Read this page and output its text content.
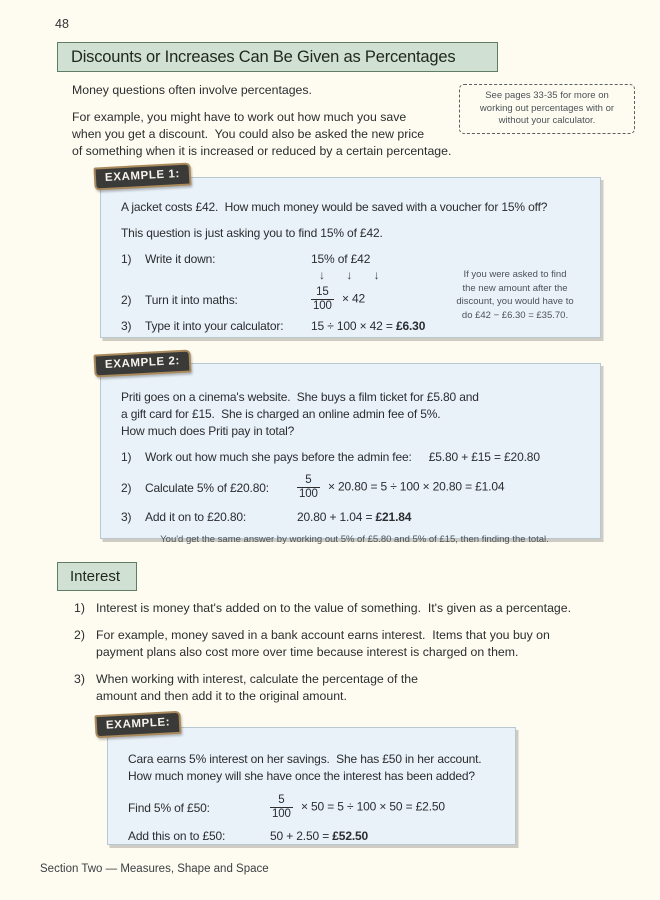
48
Discounts or Increases Can Be Given as Percentages
Money questions often involve percentages.
For example, you might have to work out how much you save
when you get a discount.  You could also be asked the new price
of something when it is increased or reduced by a certain percentage.
See pages 33-35 for more on
working out percentages with or
without your calculator.
EXAMPLE 1:
A jacket costs £42.  How much money would be saved with a voucher for 15% off?
This question is just asking you to find 15% of £42.
1)	Write it down:	15% of £42
↓ ↓ ↓
2)	Turn it into maths:	$\frac{15}{100} \times 42$
3)	Type it into your calculator:	15 ÷ 100 × 42 = £6.30
If you were asked to find
the new amount after the
discount, you would have to
do £42 − £6.30 = £35.70.
EXAMPLE 2:
Priti goes on a cinema's website.  She buys a film ticket for £5.80 and
a gift card for £15.  She is charged an online admin fee of 5%.
How much does Priti pay in total?
1)	Work out how much she pays before the admin fee: £5.80 + £15 = £20.80
2)	Calculate 5% of £20.80:	$\frac{5}{100} \times 20.80 = 5 \div 100 \times 20.80$ = £1.04
3)	Add it on to £20.80:	20.80 + 1.04 = £21.84
You'd get the same answer by working out 5% of £5.80 and 5% of £15, then finding the total.
Interest
1) Interest is money that's added on to the value of something.  It's given as a percentage.
2) For example, money saved in a bank account earns interest.  Items that you buy on
payment plans also cost more over time because interest is charged on them.
3) When working with interest, calculate the percentage of the
amount and then add it to the original amount.
EXAMPLE:
Cara earns 5% interest on her savings.  She has £50 in her account.
How much money will she have once the interest has been added?
Find 5% of £50:	$\frac{5}{100} \times 50 = 5 \div 100 \times 50$ = £2.50
Add this on to £50:	50 + 2.50 = £52.50
Section Two — Measures, Shape and Space
